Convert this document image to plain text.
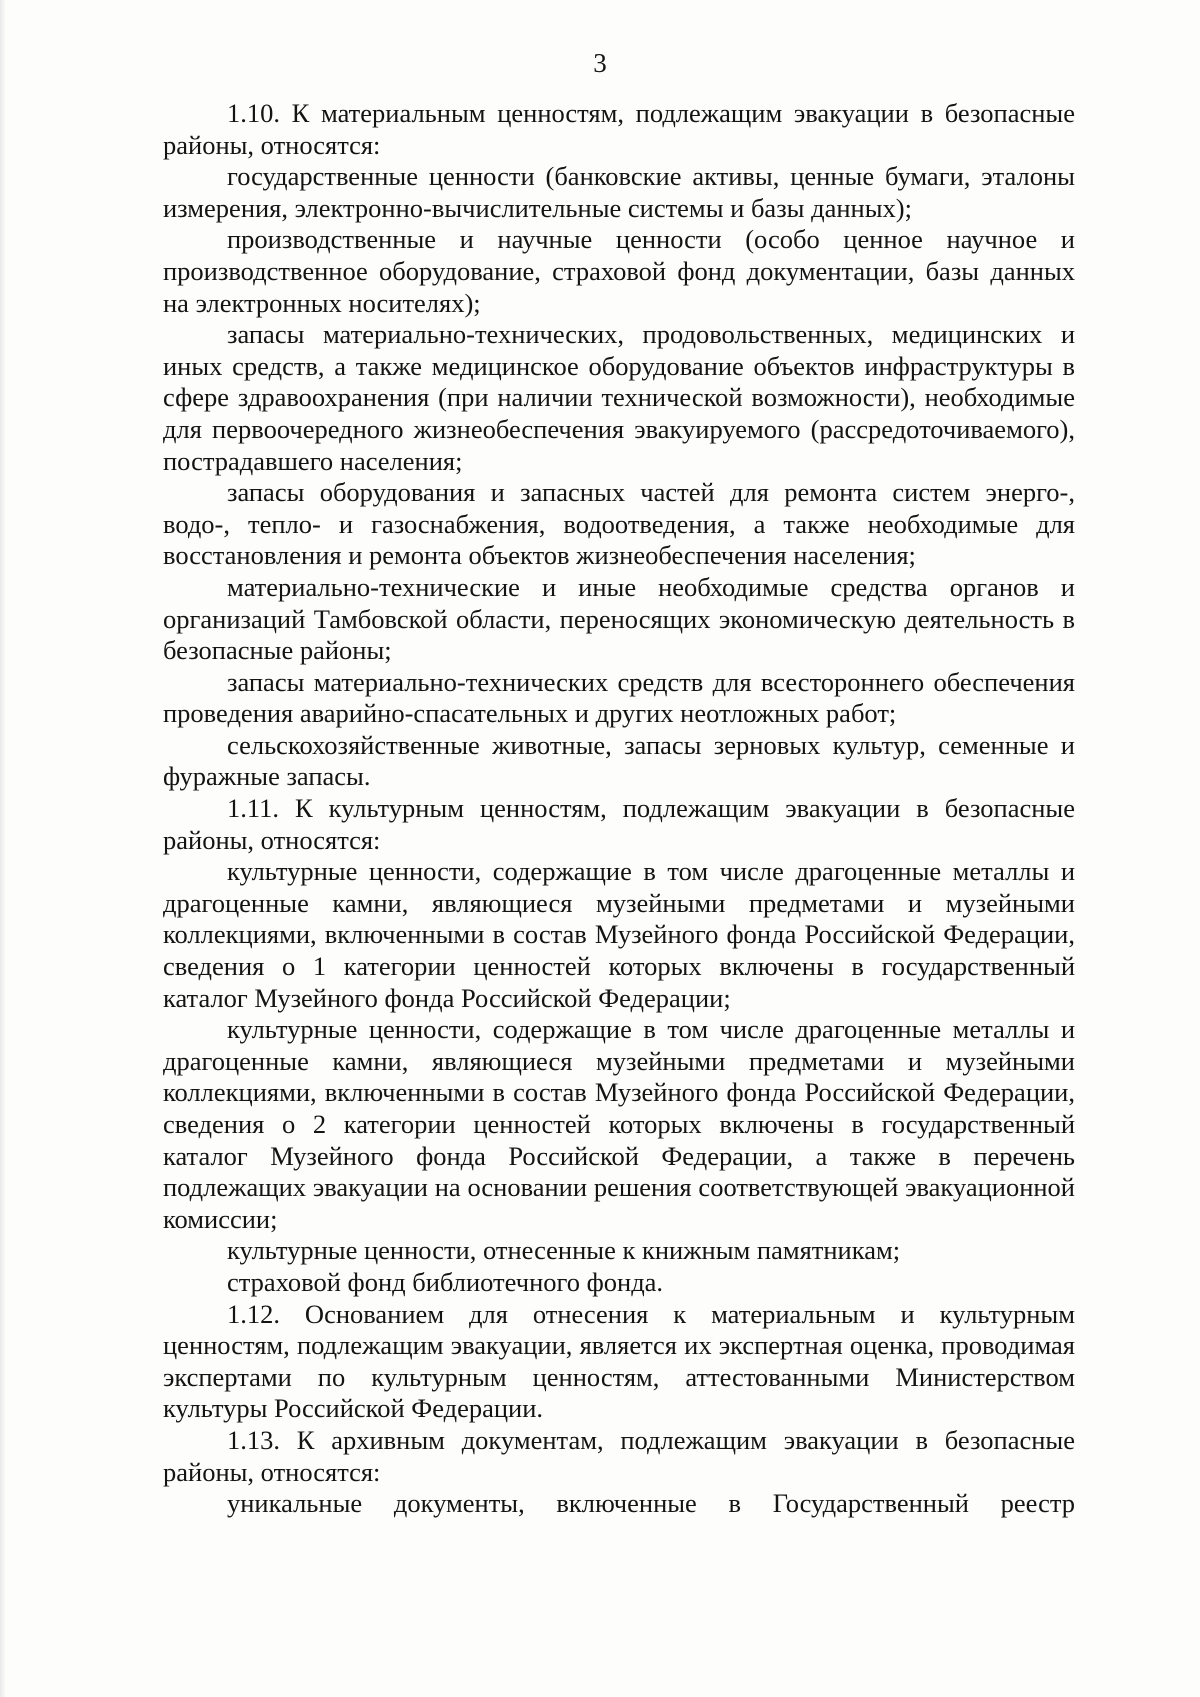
3

1.10. К материальным ценностям, подлежащим эвакуации в безопасные районы, относятся:

государственные ценности (банковские активы, ценные бумаги, эталоны измерения, электронно-вычислительные системы и базы данных);

производственные и научные ценности (особо ценное научное и производственное оборудование, страховой фонд документации, базы данных на электронных носителях);

запасы материально-технических, продовольственных, медицинских и иных средств, а также медицинское оборудование объектов инфраструктуры в сфере здравоохранения (при наличии технической возможности), необходимые для первоочередного жизнеобеспечения эвакуируемого (рассредоточиваемого), пострадавшего населения;

запасы оборудования и запасных частей для ремонта систем энерго-, водо-, тепло- и газоснабжения, водоотведения, а также необходимые для восстановления и ремонта объектов жизнеобеспечения населения;

материально-технические и иные необходимые средства органов и организаций Тамбовской области, переносящих экономическую деятельность в безопасные районы;

запасы материально-технических средств для всестороннего обеспечения проведения аварийно-спасательных и других неотложных работ;

сельскохозяйственные животные, запасы зерновых культур, семенные и фуражные запасы.

1.11. К культурным ценностям, подлежащим эвакуации в безопасные районы, относятся:

культурные ценности, содержащие в том числе драгоценные металлы и драгоценные камни, являющиеся музейными предметами и музейными коллекциями, включенными в состав Музейного фонда Российской Федерации, сведения о 1 категории ценностей которых включены в государственный каталог Музейного фонда Российской Федерации;

культурные ценности, содержащие в том числе драгоценные металлы и драгоценные камни, являющиеся музейными предметами и музейными коллекциями, включенными в состав Музейного фонда Российской Федерации, сведения о 2 категории ценностей которых включены в государственный каталог Музейного фонда Российской Федерации, а также в перечень подлежащих эвакуации на основании решения соответствующей эвакуационной комиссии;

культурные ценности, отнесенные к книжным памятникам;

страховой фонд библиотечного фонда.

1.12. Основанием для отнесения к материальным и культурным ценностям, подлежащим эвакуации, является их экспертная оценка, проводимая экспертами по культурным ценностям, аттестованными Министерством культуры Российской Федерации.

1.13. К архивным документам, подлежащим эвакуации в безопасные районы, относятся:

уникальные документы, включенные в Государственный реестр
